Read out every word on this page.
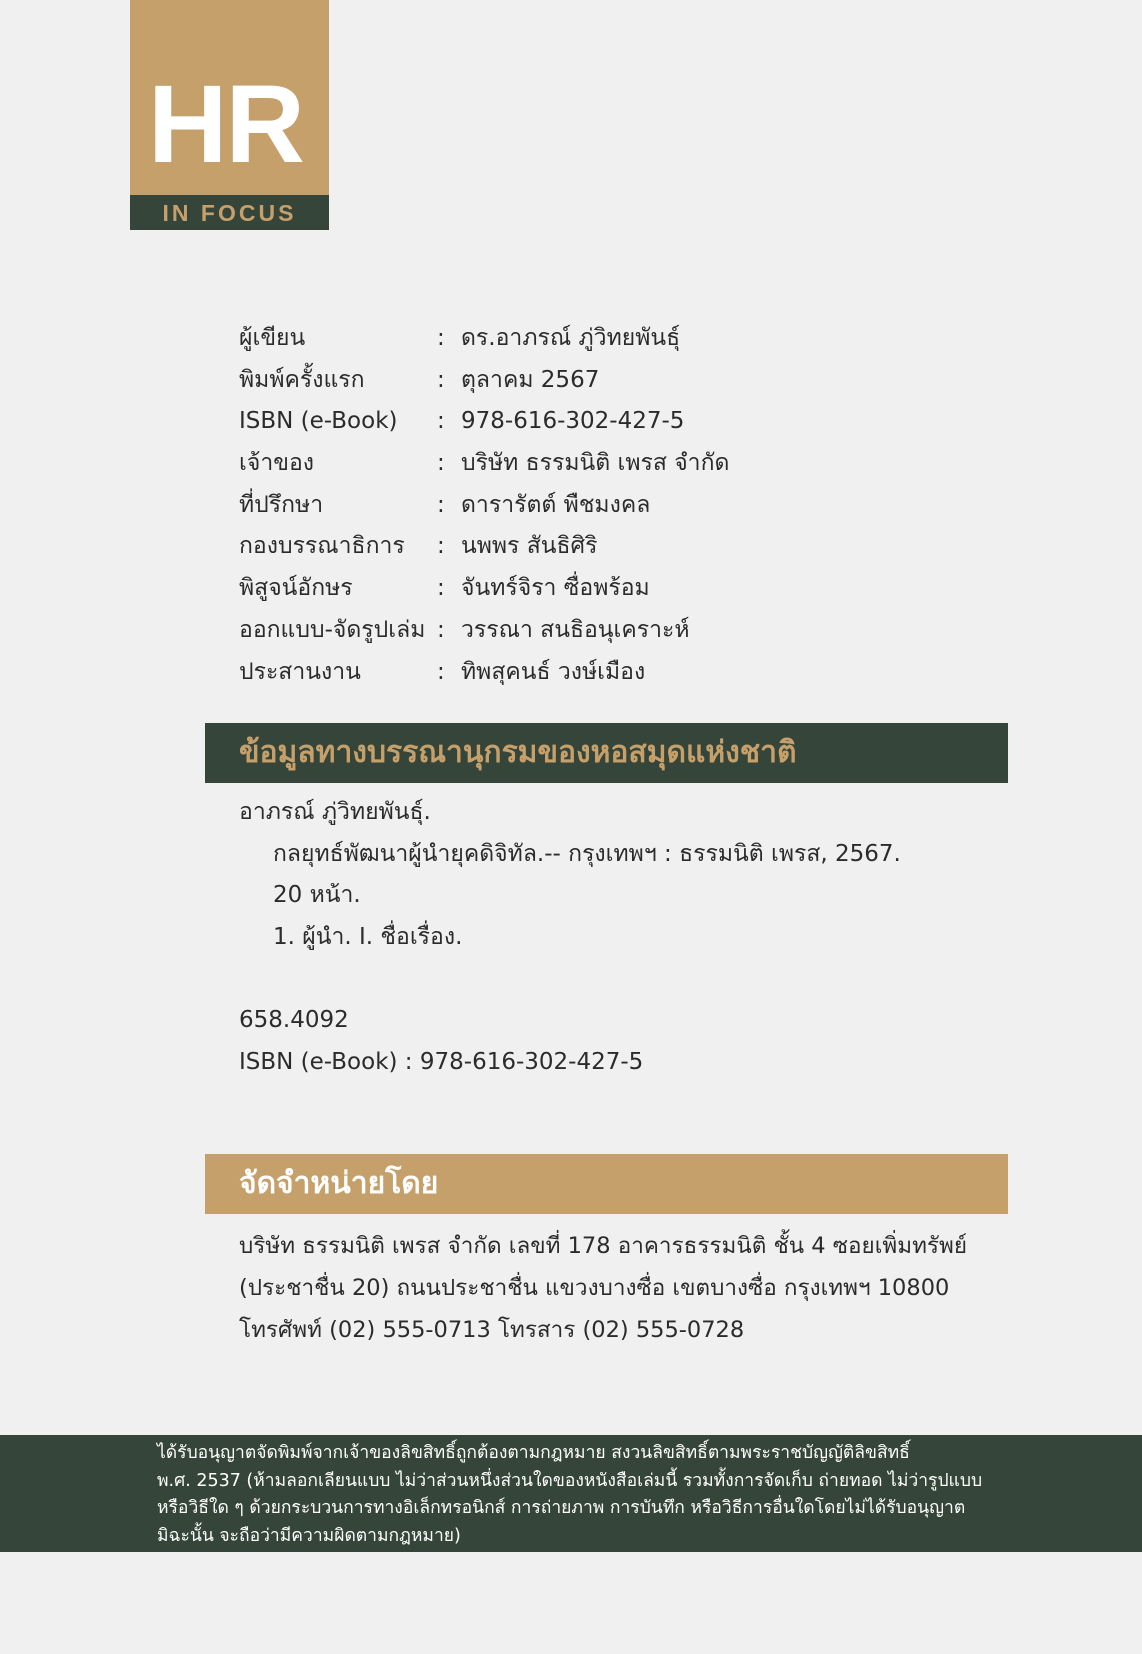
HR
IN FOCUS
ผู้เขียน	: ดร.อาภรณ์ ภู่วิทยพันธุ์
พิมพ์ครั้งแรก	: ตุลาคม 2567
ISBN (e-Book) : 978-616-302-427-5
เจ้าของ	: บริษัท ธรรมนิติ เพรส จำกัด
ที่ปรึกษา	: ดารารัตต์ พืชมงคล
กองบรรณาธิการ : นพพร สันธิศิริ
พิสูจน์อักษร	: จันทร์จิรา ซื่อพร้อม
ออกแบบ-จัดรูปเล่ม : วรรณา สนธิอนุเคราะห์
ประสานงาน	: ทิพสุคนธ์ วงษ์เมือง
ข้อมูลทางบรรณานุกรมของหอสมุดแห่งชาติ
อาภรณ์ ภู่วิทยพันธุ์.
กลยุทธ์พัฒนาผู้นำยุคดิจิทัล.-- กรุงเทพฯ : ธรรมนิติ เพรส, 2567.
20 หน้า.
1. ผู้นำ. I. ชื่อเรื่อง.
658.4092
ISBN (e-Book) : 978-616-302-427-5
จัดจำหน่ายโดย
บริษัท ธรรมนิติ เพรส จำกัด เลขที่ 178 อาคารธรรมนิติ ชั้น 4 ซอยเพิ่มทรัพย์
(ประชาชื่น 20) ถนนประชาชื่น แขวงบางซื่อ เขตบางซื่อ กรุงเทพฯ 10800
โทรศัพท์ (02) 555-0713 โทรสาร (02) 555-0728
ได้รับอนุญาตจัดพิมพ์จากเจ้าของลิขสิทธิ์ถูกต้องตามกฎหมาย สงวนลิขสิทธิ์ตามพระราชบัญญัติลิขสิทธิ์
พ.ศ. 2537 (ห้ามลอกเลียนแบบ ไม่ว่าส่วนหนึ่งส่วนใดของหนังสือเล่มนี้ รวมทั้งการจัดเก็บ ถ่ายทอด ไม่ว่ารูปแบบ
หรือวิธีใด ๆ ด้วยกระบวนการทางอิเล็กทรอนิกส์ การถ่ายภาพ การบันทึก หรือวิธีการอื่นใดโดยไม่ได้รับอนุญาต
มิฉะนั้น จะถือว่ามีความผิดตามกฎหมาย)
